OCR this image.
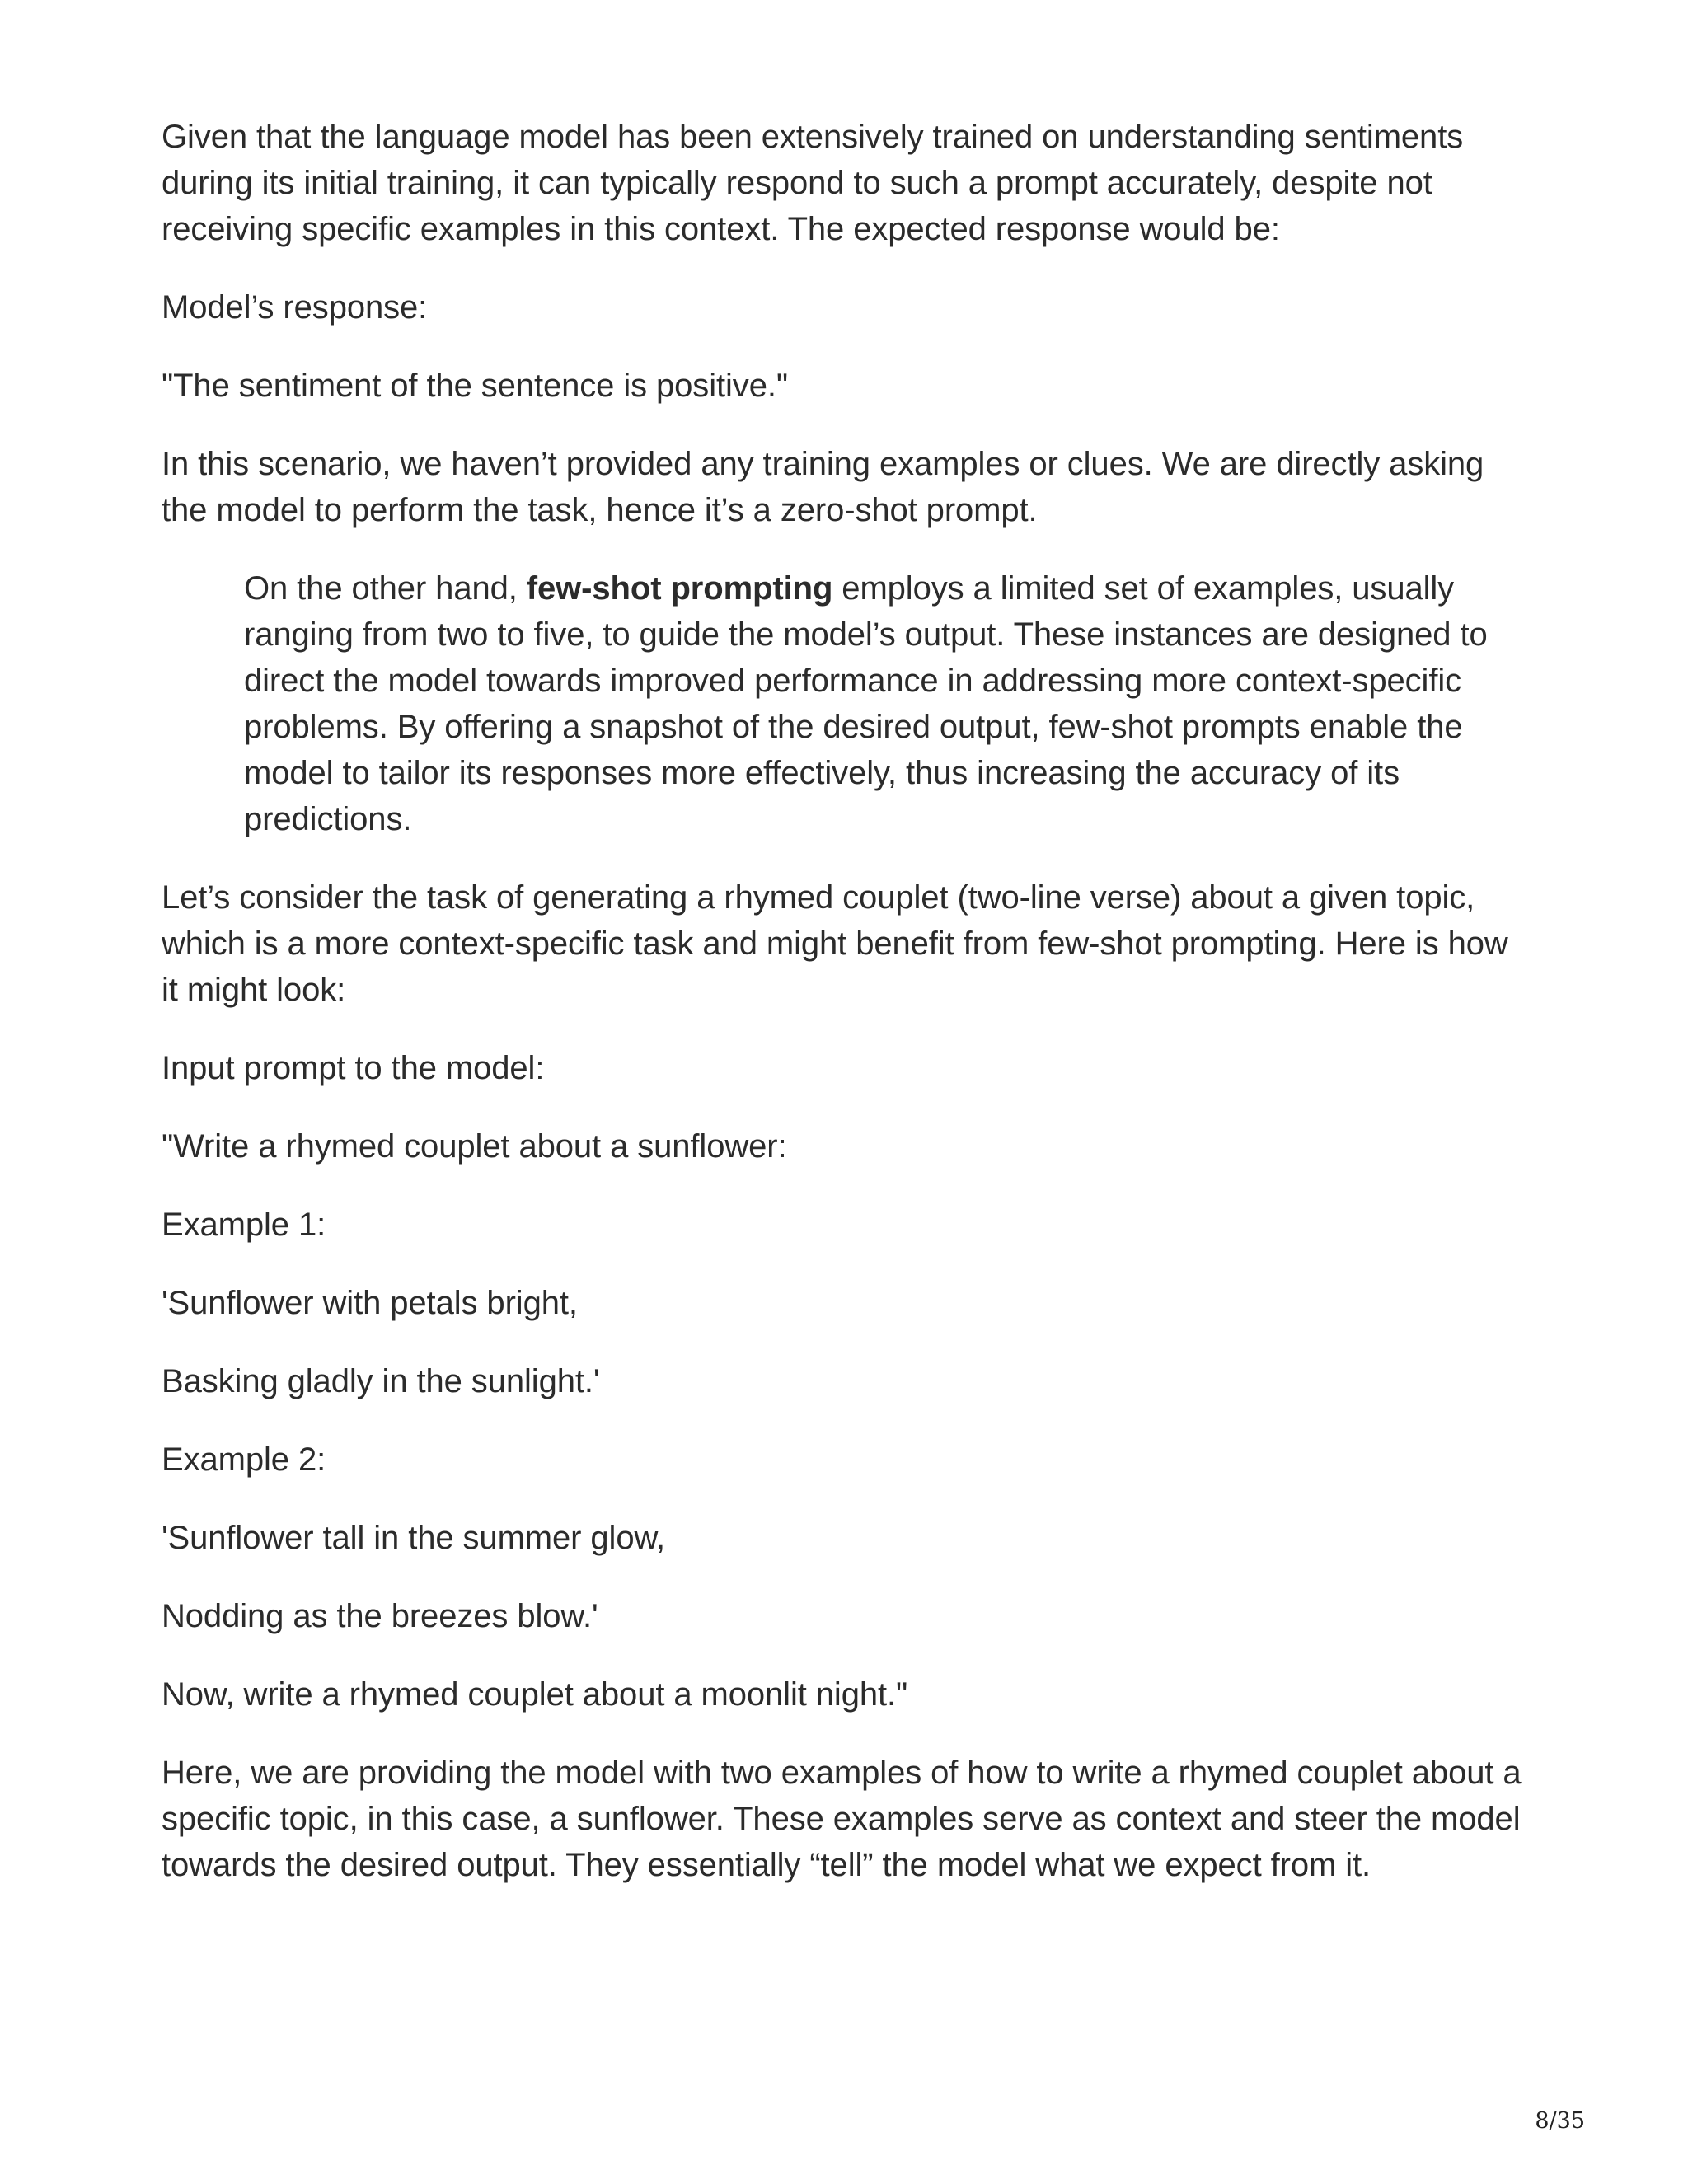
Given that the language model has been extensively trained on understanding sentiments during its initial training, it can typically respond to such a prompt accurately, despite not receiving specific examples in this context. The expected response would be:

Model’s response:

"The sentiment of the sentence is positive."

In this scenario, we haven’t provided any training examples or clues. We are directly asking the model to perform the task, hence it’s a zero-shot prompt.

On the other hand, few-shot prompting employs a limited set of examples, usually ranging from two to five, to guide the model’s output. These instances are designed to direct the model towards improved performance in addressing more context-specific problems. By offering a snapshot of the desired output, few-shot prompts enable the model to tailor its responses more effectively, thus increasing the accuracy of its predictions.

Let’s consider the task of generating a rhymed couplet (two-line verse) about a given topic, which is a more context-specific task and might benefit from few-shot prompting. Here is how it might look:

Input prompt to the model:

"Write a rhymed couplet about a sunflower:

Example 1:

'Sunflower with petals bright,

Basking gladly in the sunlight.'

Example 2:

'Sunflower tall in the summer glow,

Nodding as the breezes blow.'

Now, write a rhymed couplet about a moonlit night."

Here, we are providing the model with two examples of how to write a rhymed couplet about a specific topic, in this case, a sunflower. These examples serve as context and steer the model towards the desired output. They essentially “tell” the model what we expect from it.

8/35
